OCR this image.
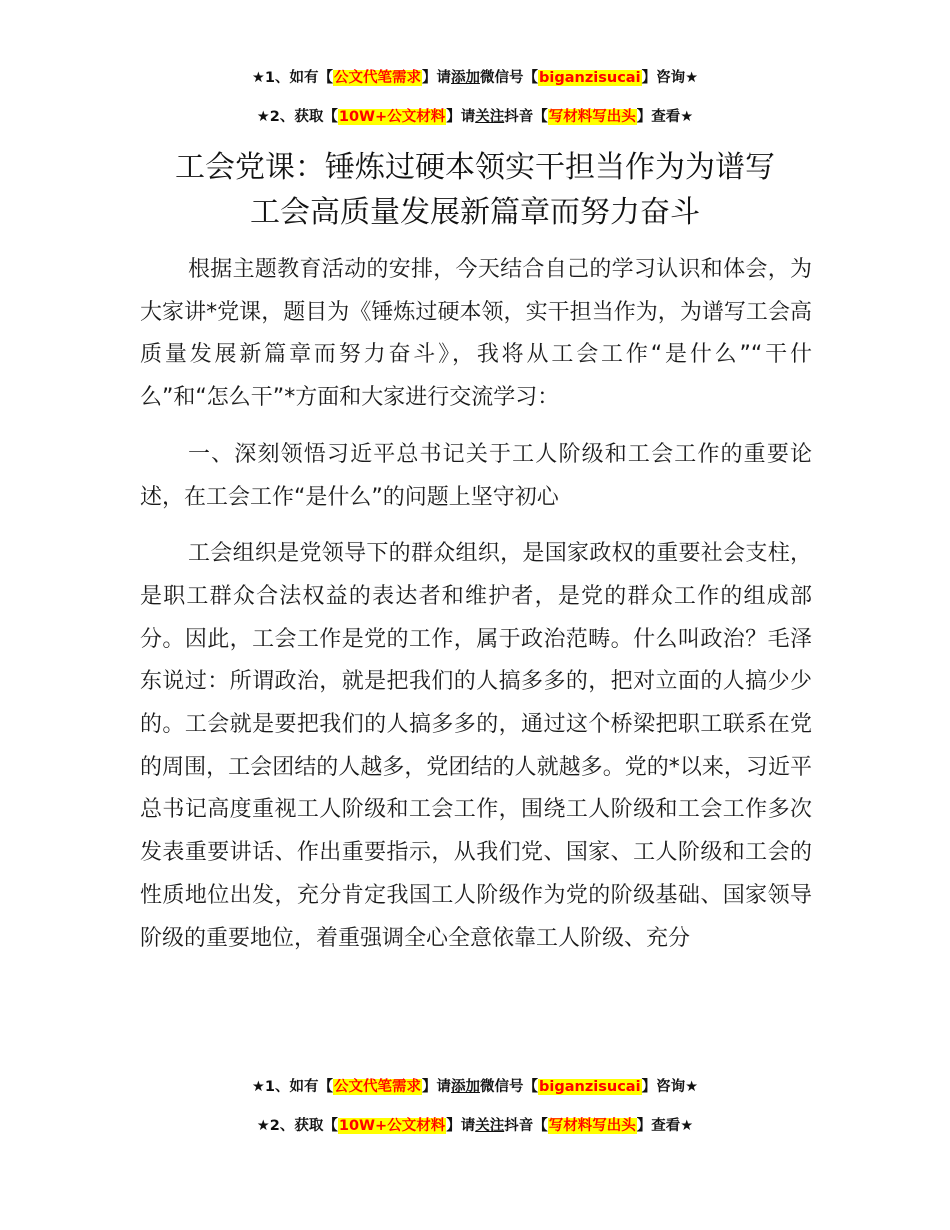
★1、如有【公文代笔需求】请添加微信号【biganzisucai】咨询★
★2、获取【10W+公文材料】请关注抖音【写材料写出头】查看★
工会党课：锤炼过硬本领实干担当作为为谱写
工会高质量发展新篇章而努力奋斗

根据主题教育活动的安排，今天结合自己的学习认识和体会，为大家讲*党课，题目为《锤炼过硬本领，实干担当作为，为谱写工会高质量发展新篇章而努力奋斗》，我将从工会工作“是什么”“干什么”和“怎么干”*方面和大家进行交流学习：

一、深刻领悟习近平总书记关于工人阶级和工会工作的重要论述，在工会工作“是什么”的问题上坚守初心

工会组织是党领导下的群众组织，是国家政权的重要社会支柱，是职工群众合法权益的表达者和维护者，是党的群众工作的组成部分。因此，工会工作是党的工作，属于政治范畴。什么叫政治？毛泽东说过：所谓政治，就是把我们的人搞多多的，把对立面的人搞少少的。工会就是要把我们的人搞多多的，通过这个桥梁把职工联系在党的周围，工会团结的人越多，党团结的人就越多。党的*以来，习近平总书记高度重视工人阶级和工会工作，围绕工人阶级和工会工作多次发表重要讲话、作出重要指示，从我们党、国家、工人阶级和工会的性质地位出发，充分肯定我国工人阶级作为党的阶级基础、国家领导阶级的重要地位，着重强调全心全意依靠工人阶级、充分

★1、如有【公文代笔需求】请添加微信号【biganzisucai】咨询★
★2、获取【10W+公文材料】请关注抖音【写材料写出头】查看★
